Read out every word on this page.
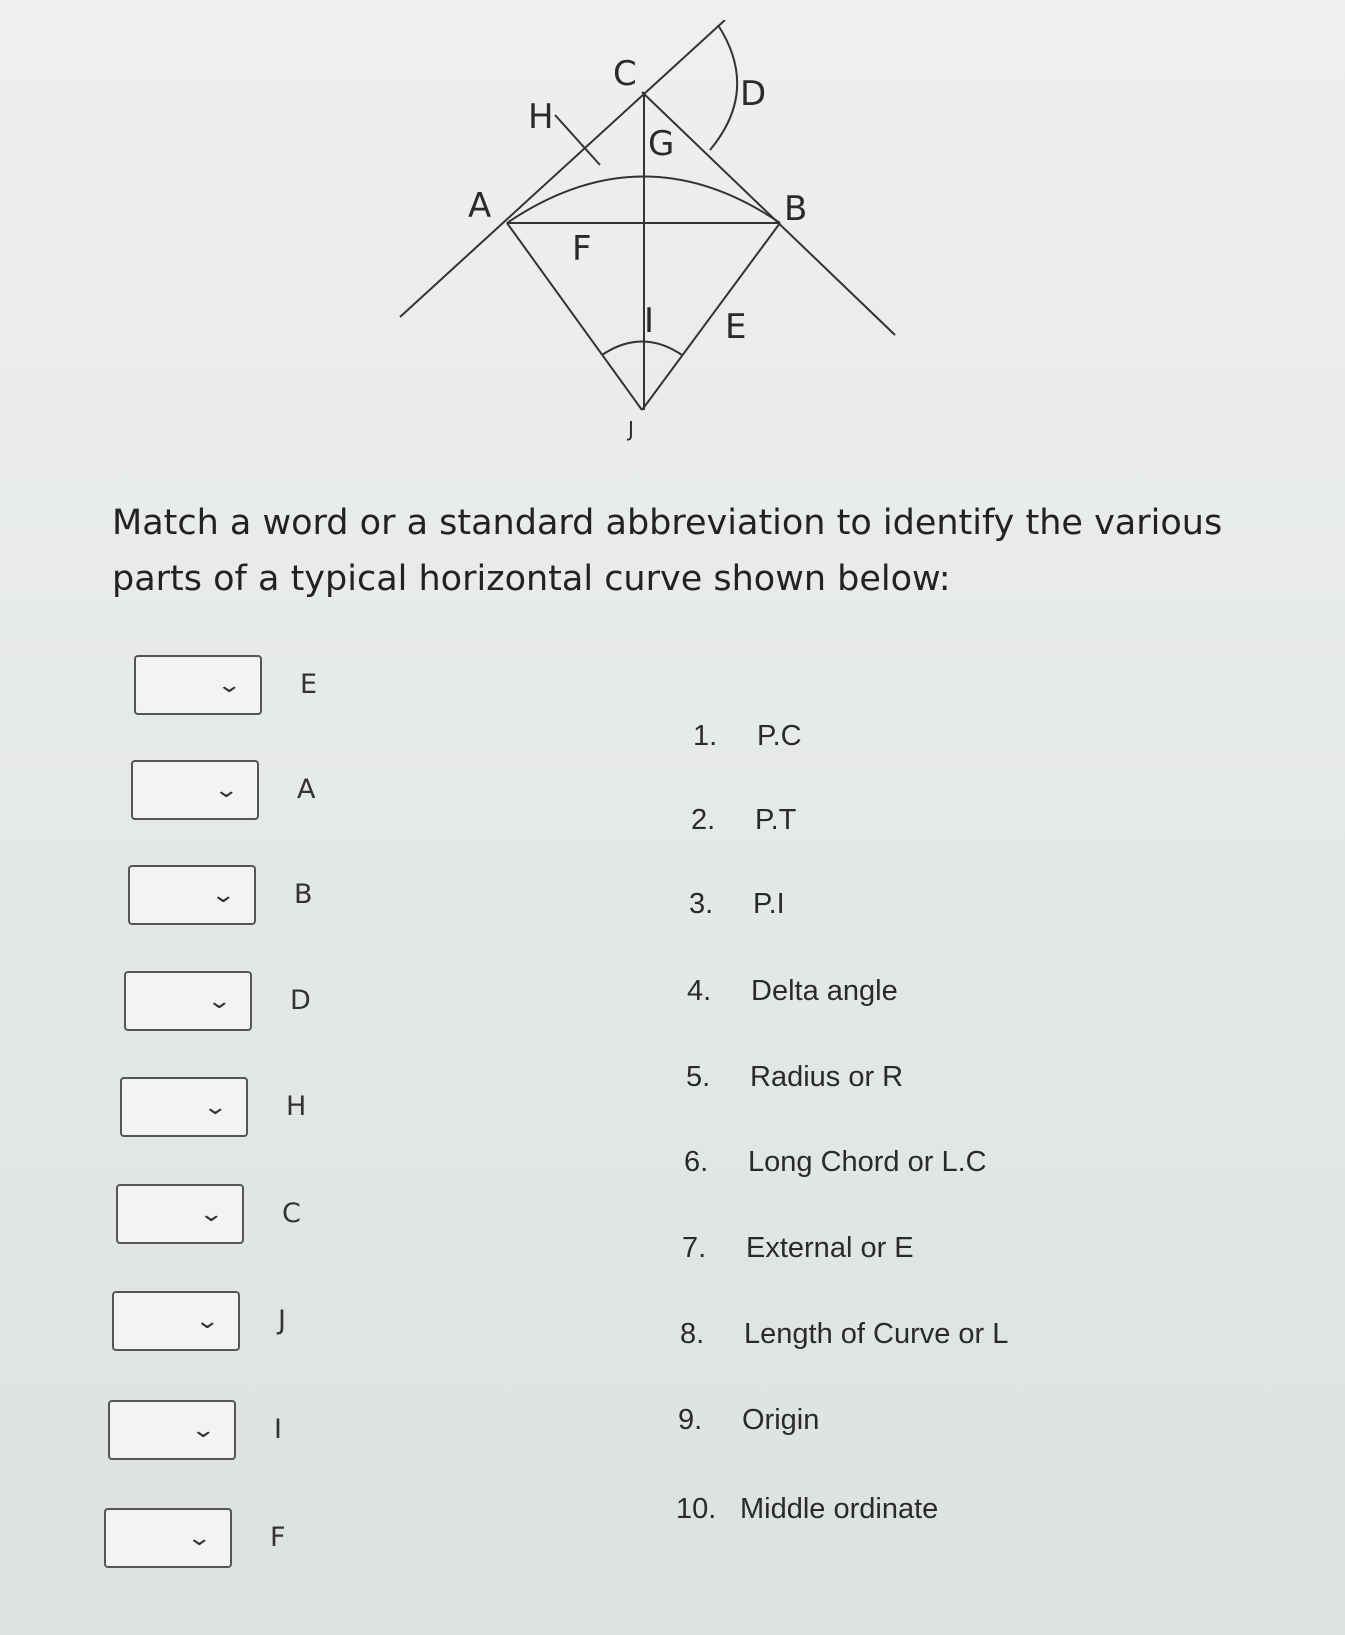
A	B
C	D
E
F
G
H
I
J
Match a word or a standard abbreviation to identify the various
parts of a typical horizontal curve shown below:
⌄ E
⌄ A
⌄ B
⌄ D
⌄ H
⌄ C
⌄ J
⌄ I
⌄ F
1. P.C
2. P.T
3. P.I
4. Delta angle
5. Radius or R
6. Long Chord or L.C
7. External or E
8. Length of Curve or L
9. Origin
10. Middle ordinate
